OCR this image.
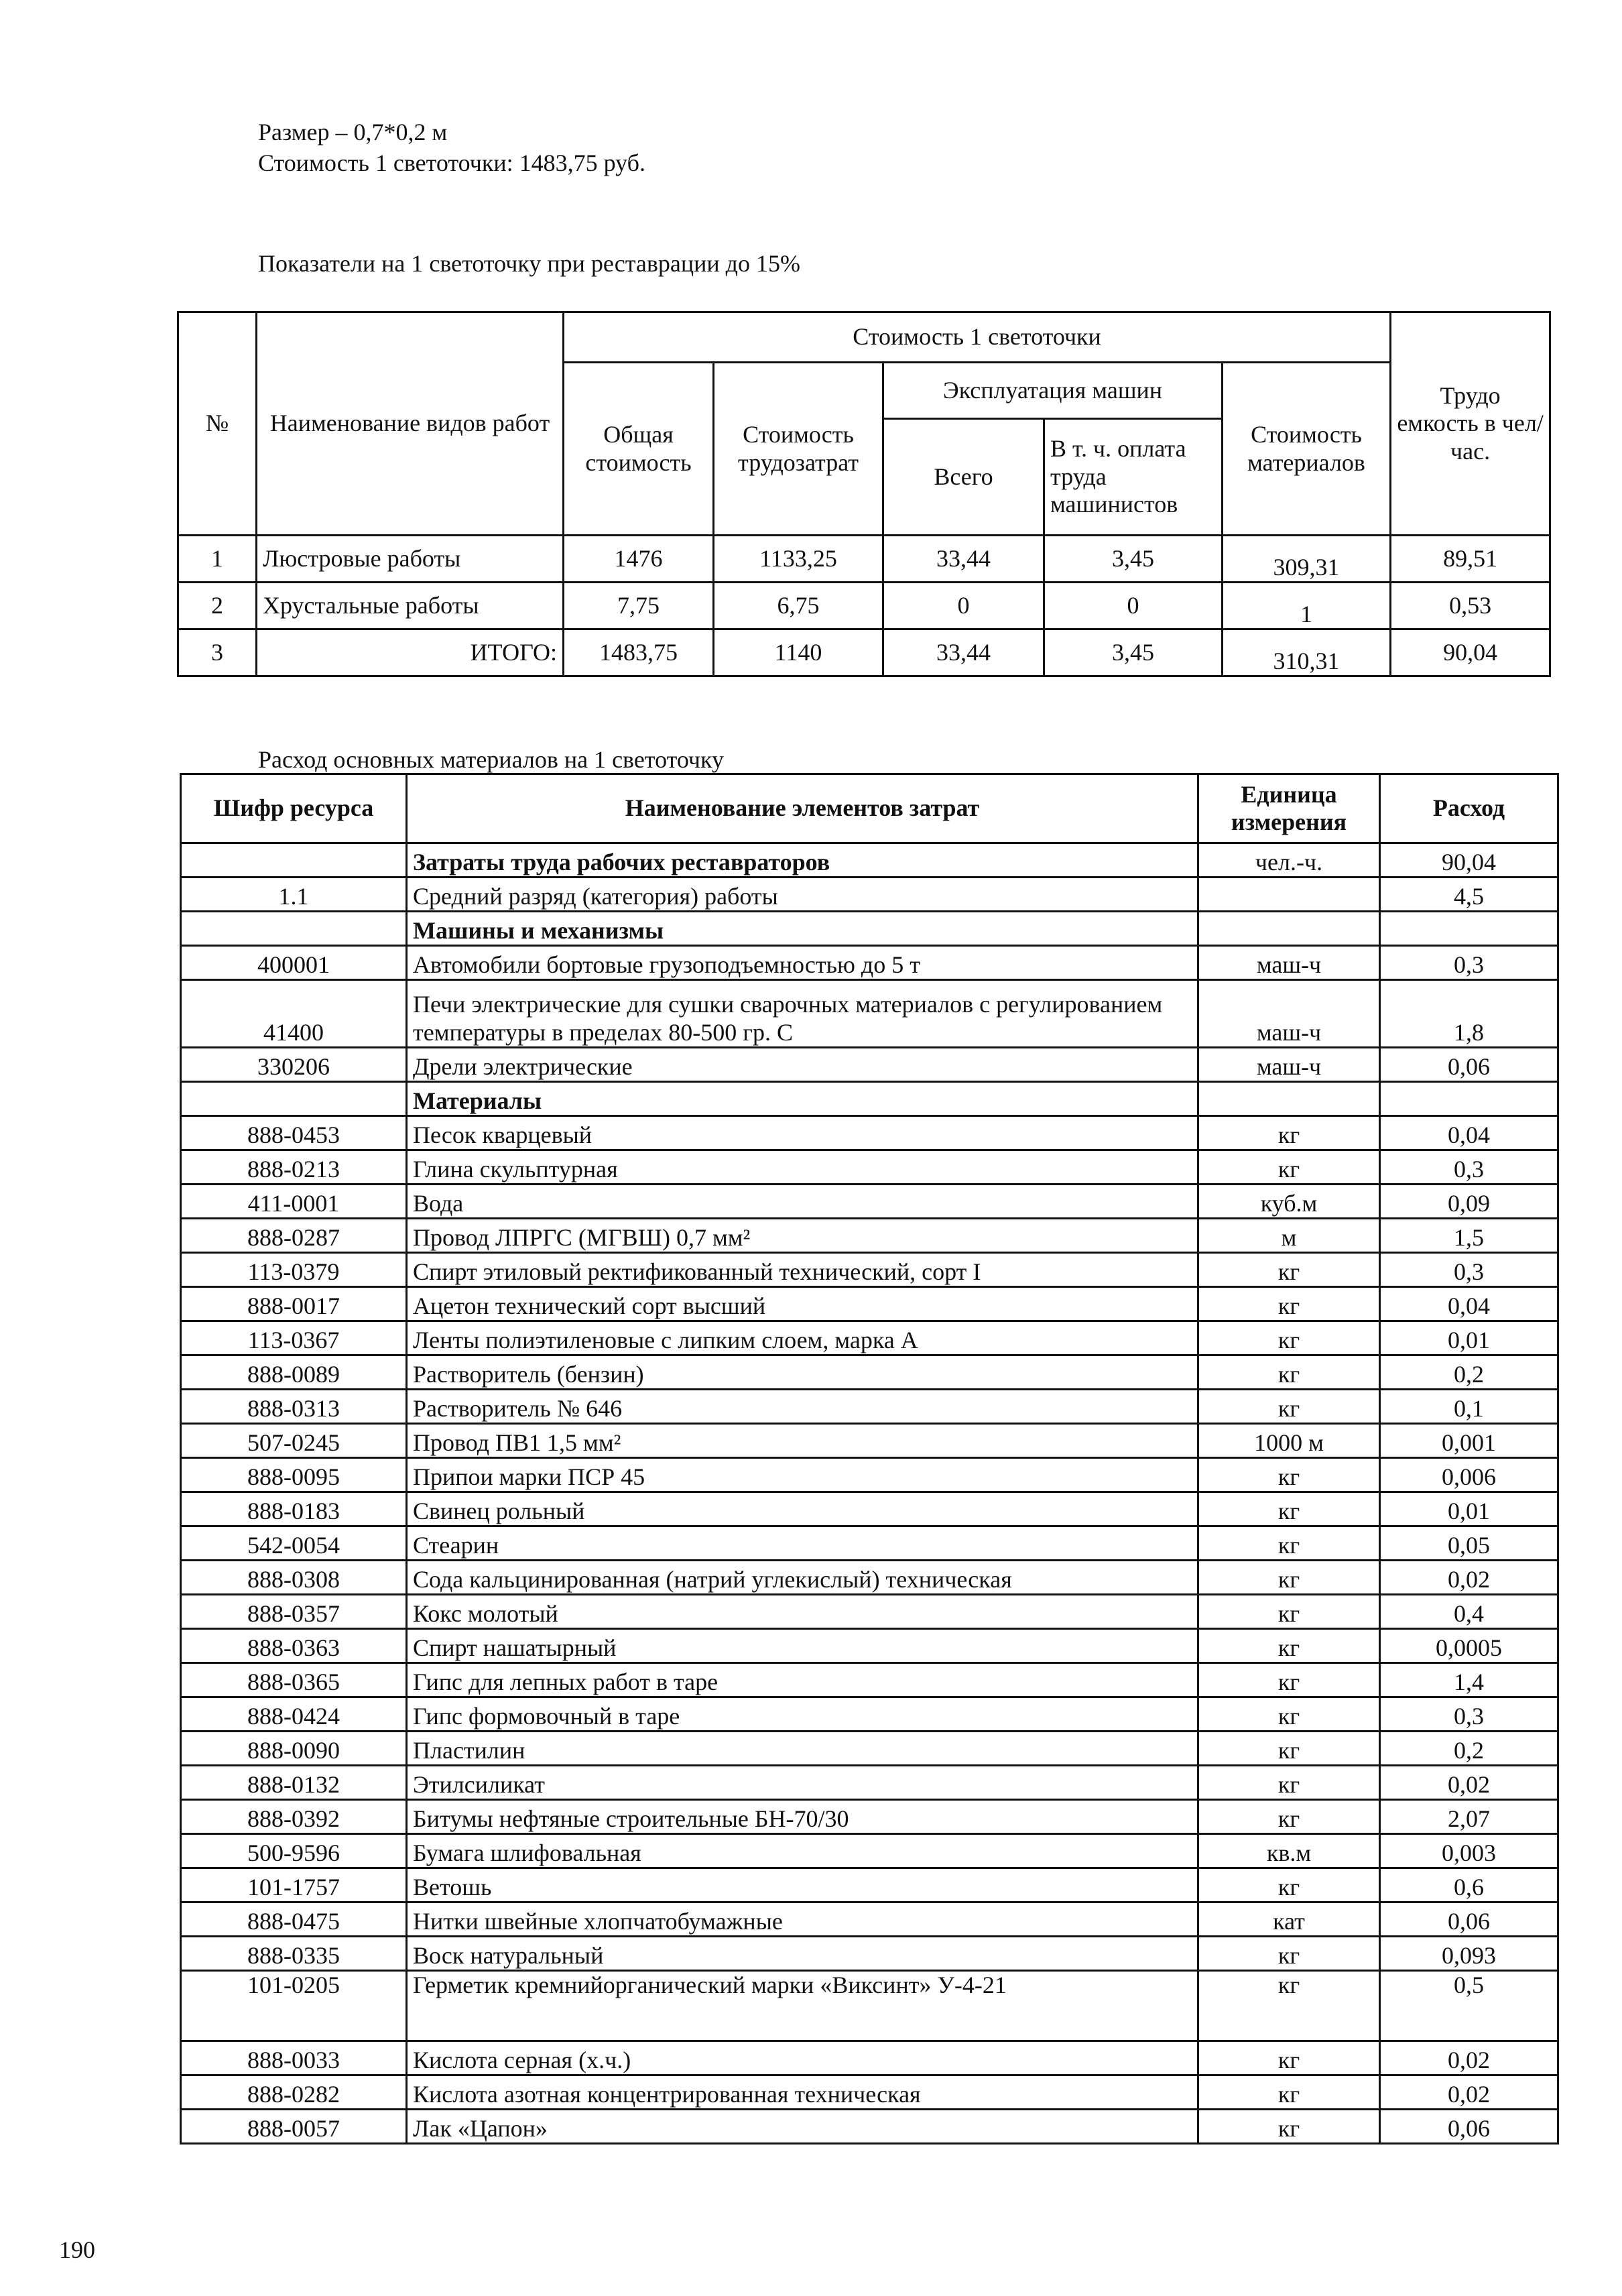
Размер – 0,7*0,2 м
Стоимость 1 светоточки: 1483,75 руб.
Показатели на 1 светоточку при реставрации до 15%
№	Наименование видов работ	Стоимость 1 светоточки					Трудо емкость в чел/час.
		Общая стоимость	Стоимость трудозатрат	Эксплуатация машин		Стоимость материалов	
				Всего	В т. ч. оплата труда машинистов		
1	Люстровые работы	1476	1133,25	33,44	3,45	309,31	89,51
2	Хрустальные работы	7,75	6,75	0	0	1	0,53
3	ИТОГО:	1483,75	1140	33,44	3,45	310,31	90,04
Расход основных материалов на 1 светоточку
Шифр ресурса	Наименование элементов затрат	Единица измерения	Расход
	Затраты труда рабочих реставраторов	чел.-ч.	90,04
1.1	Средний разряд (категория) работы		4,5
	Машины и механизмы		
400001	Автомобили бортовые грузоподъемностью до 5 т	маш-ч	0,3
41400	Печи электрические для сушки сварочных материалов с регулированием температуры в пределах 80-500 гр. С	маш-ч	1,8
330206	Дрели электрические	маш-ч	0,06
	Материалы		
888-0453	Песок кварцевый	кг	0,04
888-0213	Глина скульптурная	кг	0,3
411-0001	Вода	куб.м	0,09
888-0287	Провод ЛПРГС (МГВШ) 0,7 мм²	м	1,5
113-0379	Спирт этиловый ректификованный технический, сорт I	кг	0,3
888-0017	Ацетон технический сорт высший	кг	0,04
113-0367	Ленты полиэтиленовые с липким слоем, марка А	кг	0,01
888-0089	Растворитель (бензин)	кг	0,2
888-0313	Растворитель № 646	кг	0,1
507-0245	Провод ПВ1 1,5 мм²	1000 м	0,001
888-0095	Припои марки ПСР 45	кг	0,006
888-0183	Свинец рольный	кг	0,01
542-0054	Стеарин	кг	0,05
888-0308	Сода кальцинированная (натрий углекислый) техническая	кг	0,02
888-0357	Кокс молотый	кг	0,4
888-0363	Спирт нашатырный	кг	0,0005
888-0365	Гипс для лепных работ в таре	кг	1,4
888-0424	Гипс формовочный в таре	кг	0,3
888-0090	Пластилин	кг	0,2
888-0132	Этилсиликат	кг	0,02
888-0392	Битумы нефтяные строительные БН-70/30	кг	2,07
500-9596	Бумага шлифовальная	кв.м	0,003
101-1757	Ветошь	кг	0,6
888-0475	Нитки швейные хлопчатобумажные	кат	0,06
888-0335	Воск натуральный	кг	0,093
101-0205	Герметик кремнийорганический марки «Виксинт» У-4-21	кг	0,5
888-0033	Кислота серная (х.ч.)	кг	0,02
888-0282	Кислота азотная концентрированная техническая	кг	0,02
888-0057	Лак «Цапон»	кг	0,06
190
